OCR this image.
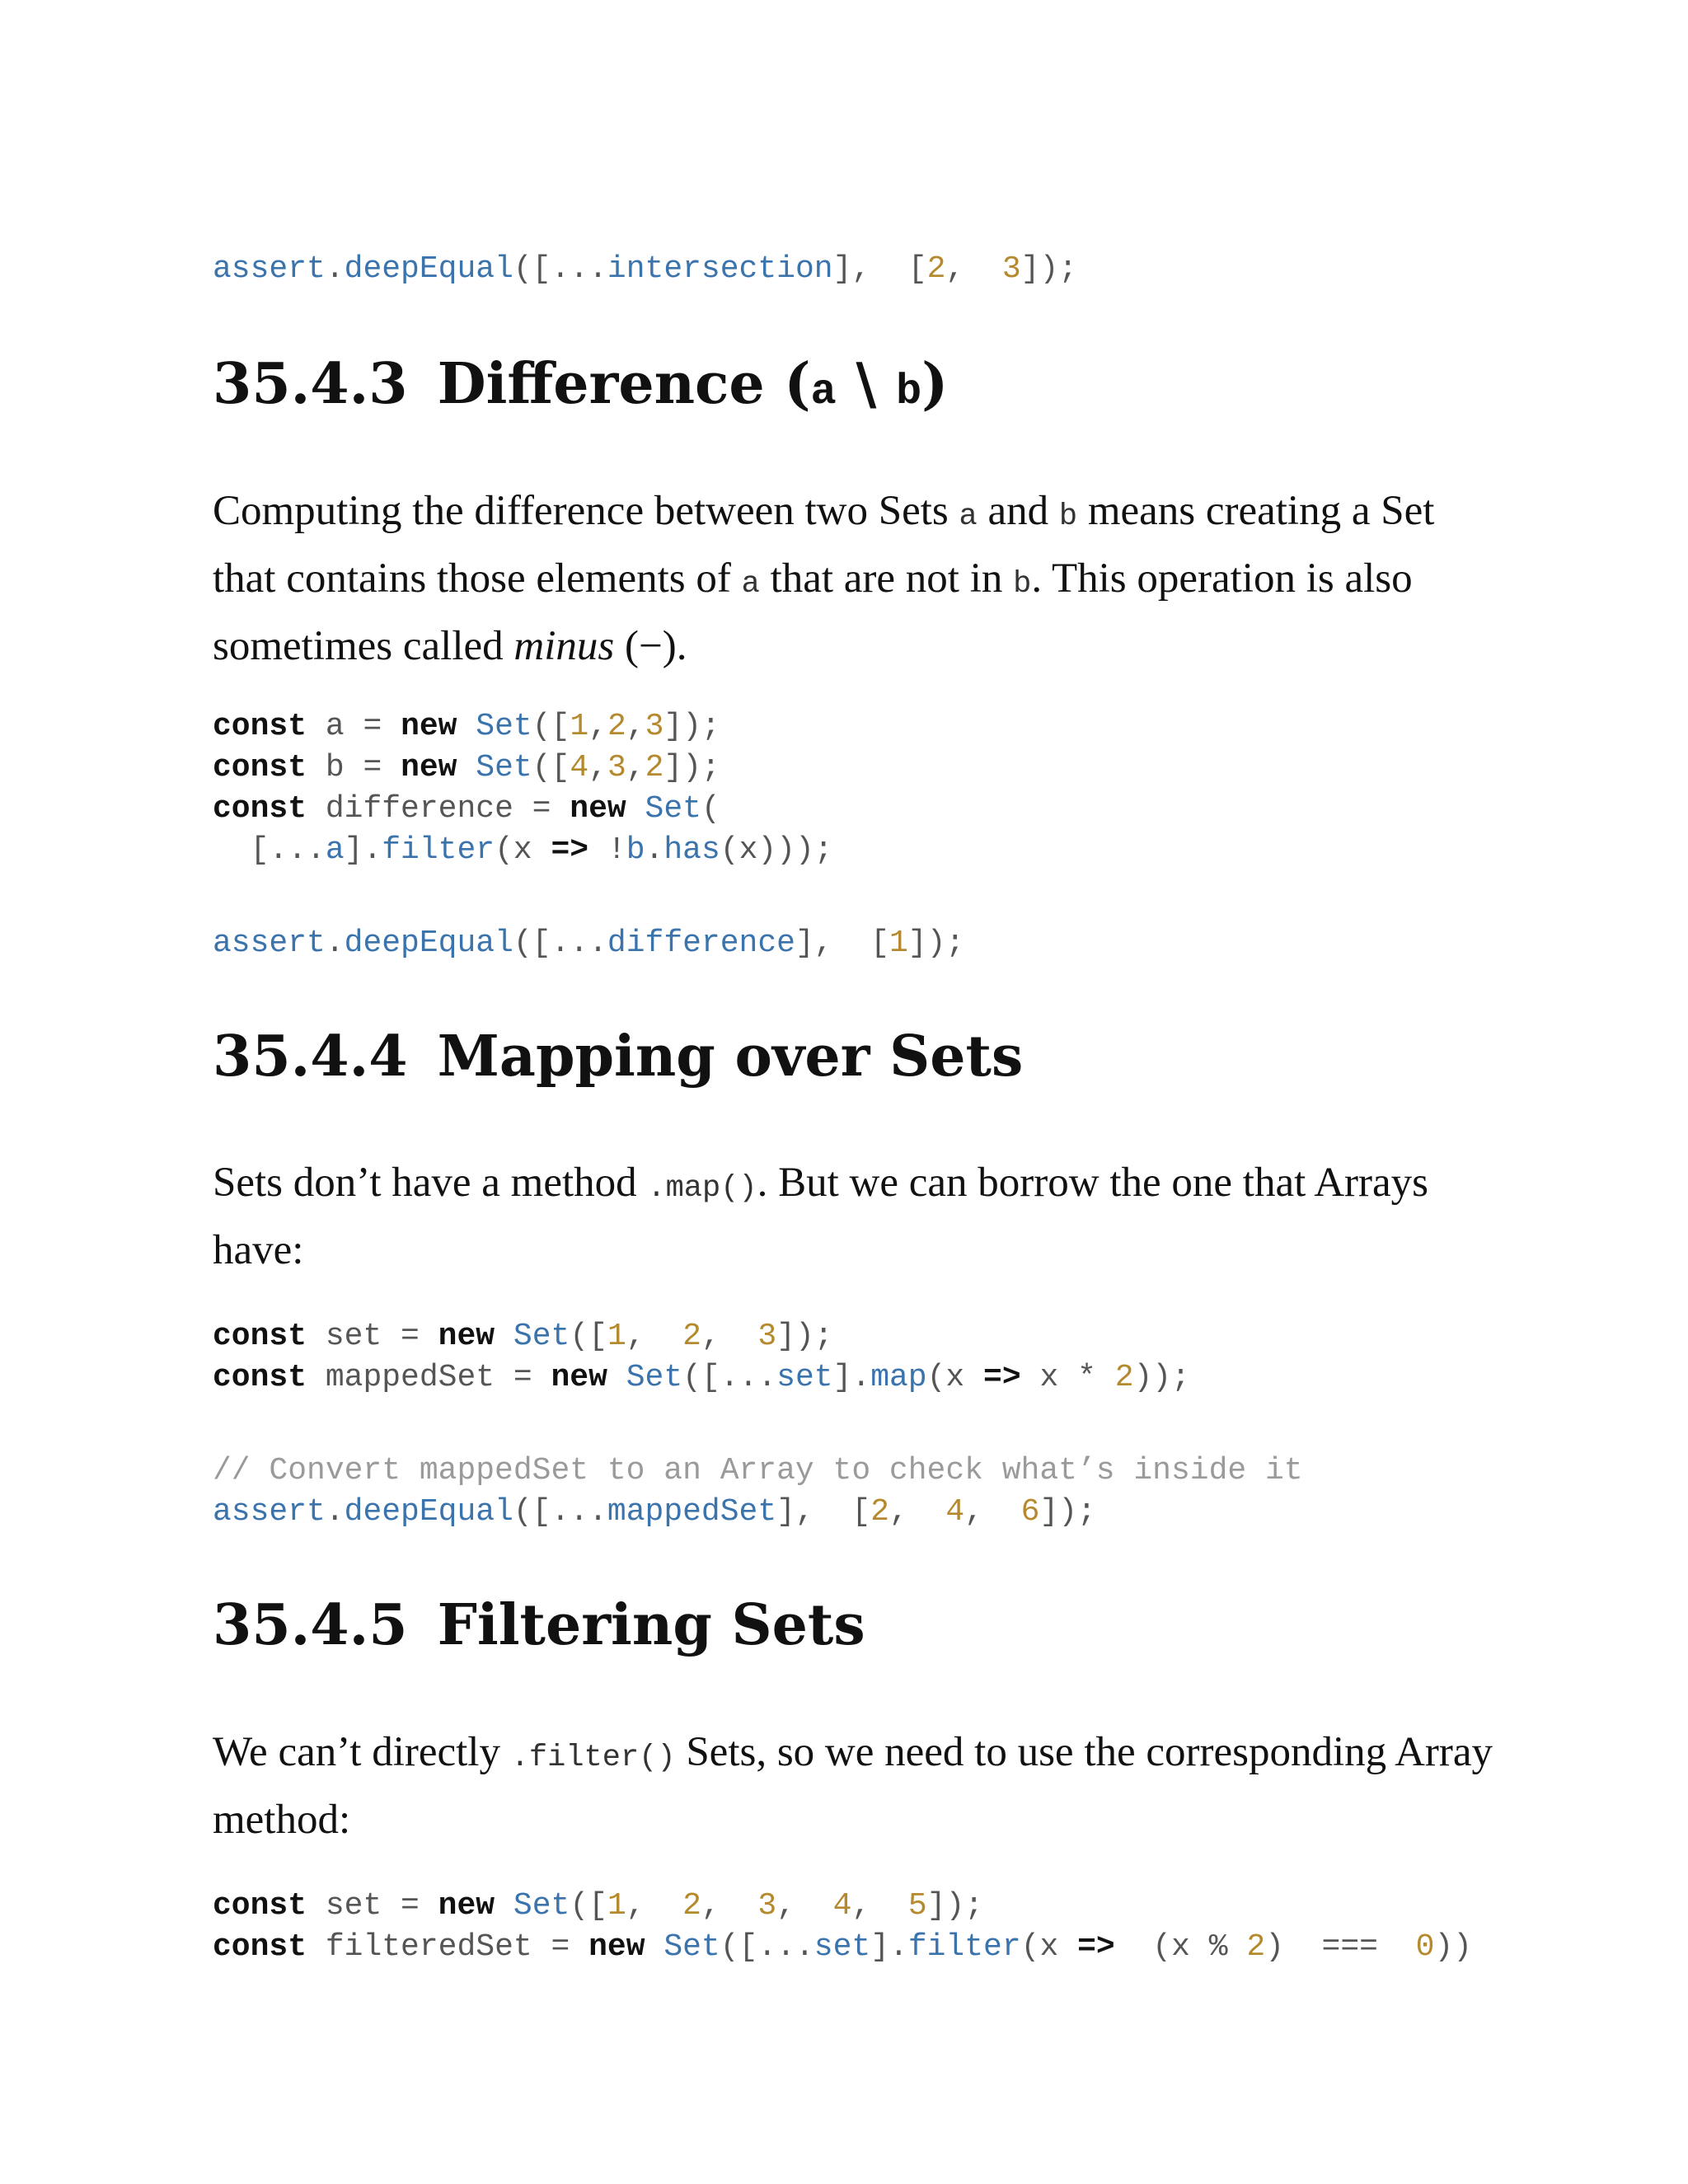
assert.deepEqual([...intersection],  [2,  3]);
35.4.3 Difference (a \ b)

Computing the difference between two Sets a and b means creating a Set that contains those elements of a that are not in b. This operation is also sometimes called minus (−).

const a = new Set([1,2,3]);
const b = new Set([4,3,2]);
const difference = new Set(
[...a].filter(x => !b.has(x)));
assert.deepEqual([...difference],  [1]);
35.4.4 Mapping over Sets

Sets don’t have a method .map(). But we can borrow the one that Arrays have:

const set = new Set([1,  2,  3]);
const mappedSet = new Set([...set].map(x => x * 2));
// Convert mappedSet to an Array to check what’s inside it
assert.deepEqual([...mappedSet],  [2,  4,  6]);
35.4.5 Filtering Sets

We can’t directly .filter() Sets, so we need to use the corresponding Array method:

const set = new Set([1,  2,  3,  4,  5]);
const filteredSet = new Set([...set].filter(x =>  (x % 2)  ===  0))
